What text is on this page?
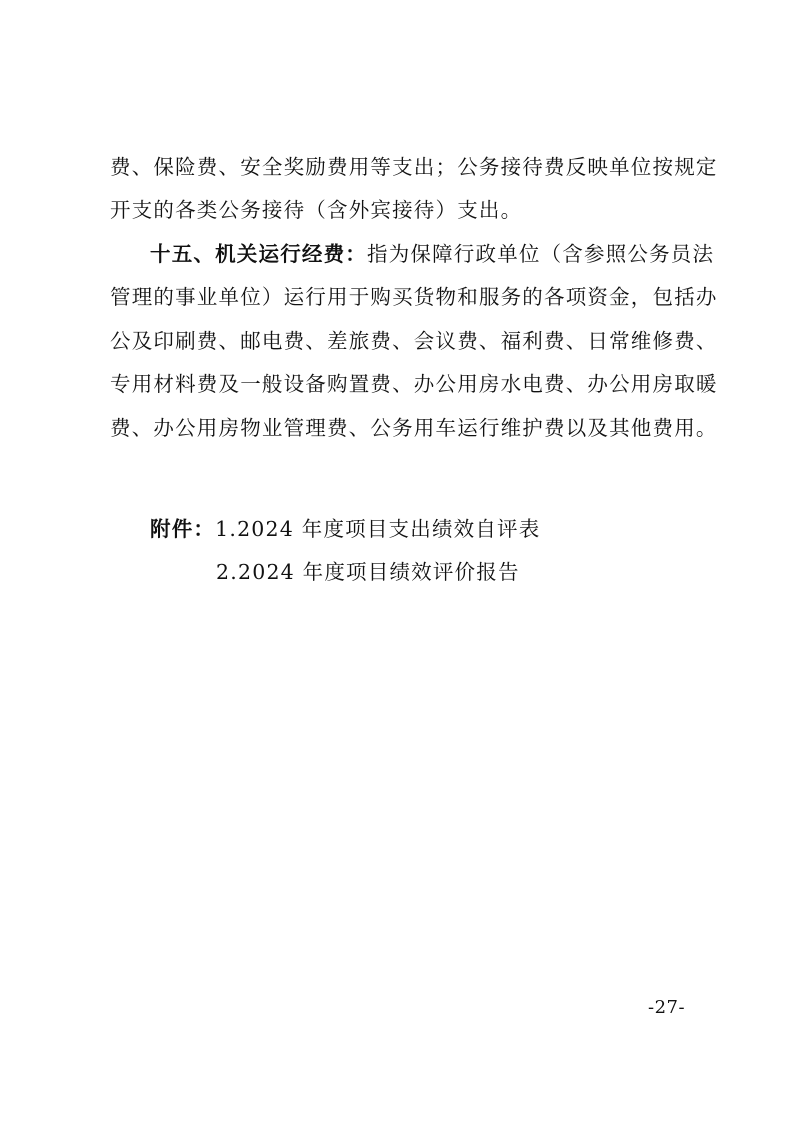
费、保险费、安全奖励费用等支出；公务接待费反映单位按规定
开支的各类公务接待（含外宾接待）支出。
十五、机关运行经费：指为保障行政单位（含参照公务员法
管理的事业单位）运行用于购买货物和服务的各项资金，包括办
公及印刷费、邮电费、差旅费、会议费、福利费、日常维修费、
专用材料费及一般设备购置费、办公用房水电费、办公用房取暖
费、办公用房物业管理费、公务用车运行维护费以及其他费用。
附件：1.2024 年度项目支出绩效自评表
2.2024 年度项目绩效评价报告
-27-
